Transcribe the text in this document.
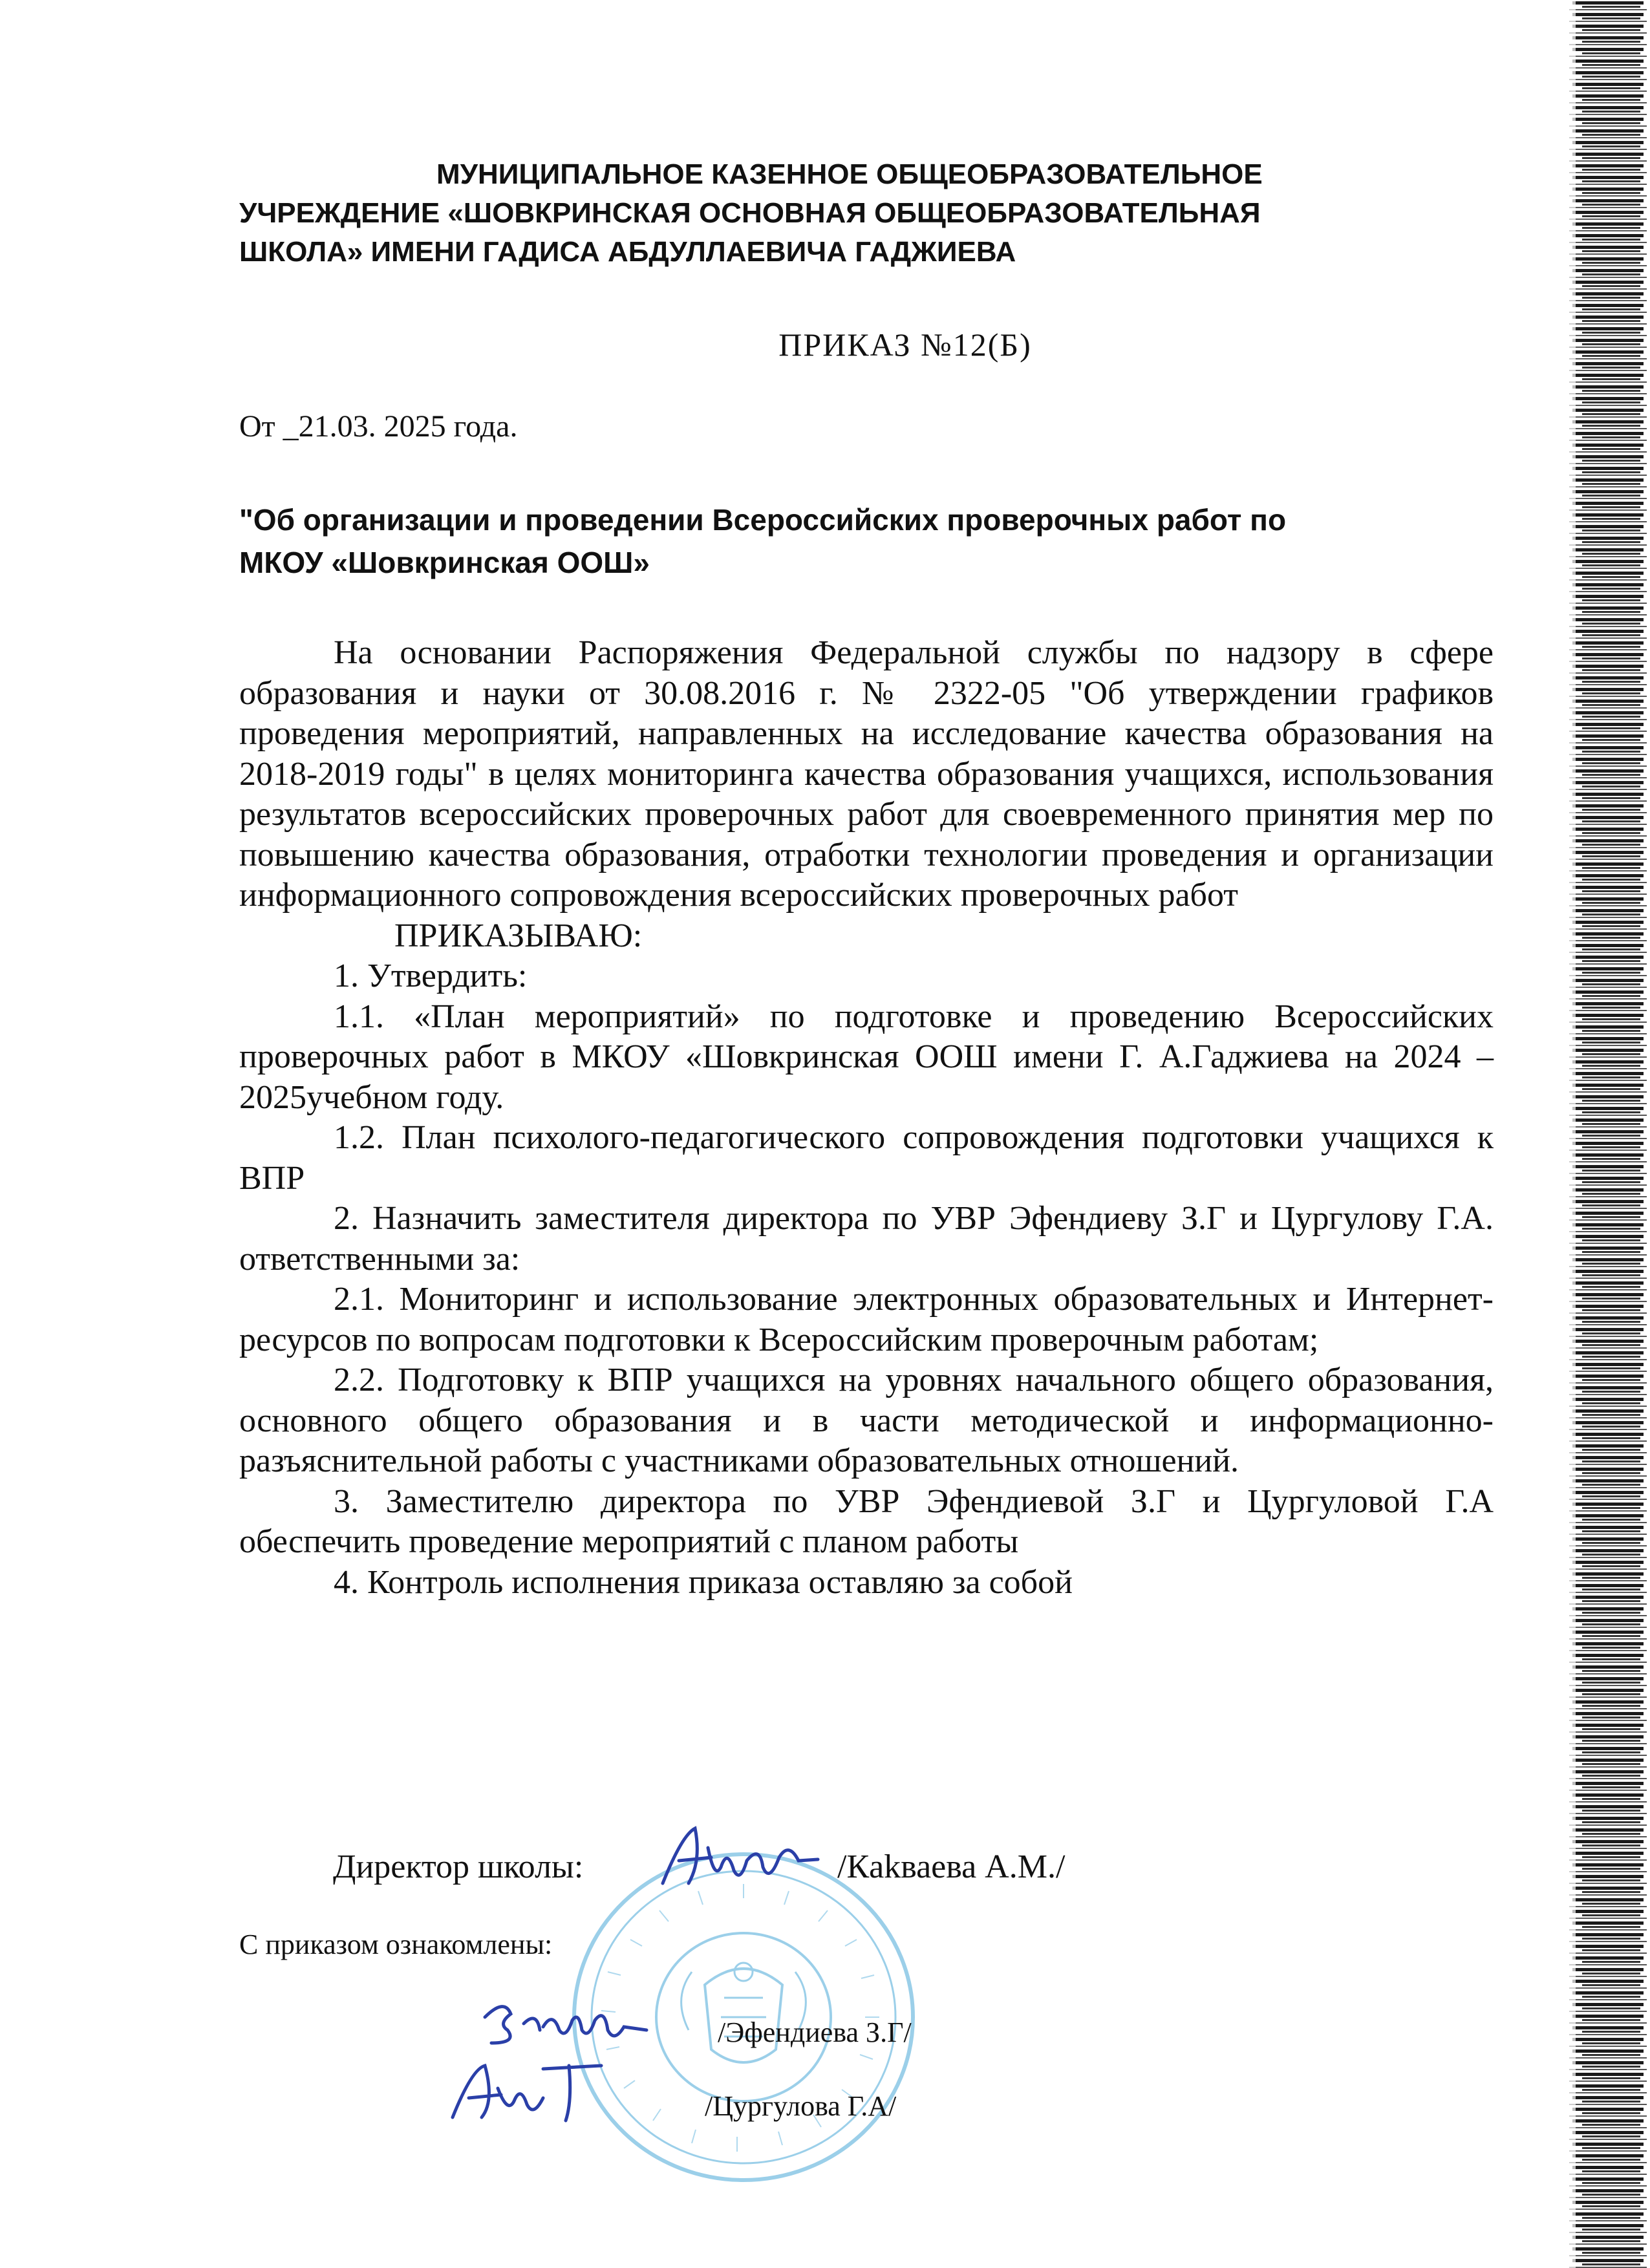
МУНИЦИПАЛЬНОЕ КАЗЕННОЕ ОБЩЕОБРАЗОВАТЕЛЬНОЕ
УЧРЕЖДЕНИЕ «ШОВКРИНСКАЯ ОСНОВНАЯ ОБЩЕОБРАЗОВАТЕЛЬНАЯ
ШКОЛА» ИМЕНИ ГАДИСА АБДУЛЛАЕВИЧА ГАДЖИЕВА

ПРИКАЗ №12(Б)
От _21.03. 2025 года.
"Об организации и проведении Всероссийских проверочных работ по
МКОУ «Шовкринская ООШ»

На основании Распоряжения Федеральной службы по надзору в сфере образования и науки от 30.08.2016 г. № 2322-05 "Об утверждении графиков проведения мероприятий, направленных на исследование качества образования на 2018-2019 годы" в целях мониторинга качества образования учащихся, использования результатов всероссийских проверочных работ для своевременного принятия мер по повышению качества образования, отработки технологии проведения и организации информационного сопровождения всероссийских проверочных работ

ПРИКАЗЫВАЮ:

1. Утвердить:

1.1. «План мероприятий» по подготовке и проведению Всероссийских проверочных работ в МКОУ «Шовкринская ООШ имени Г. А.Гаджиева на 2024 – 2025учебном году.

1.2. План психолого-педагогического сопровождения подготовки учащихся к ВПР

2. Назначить заместителя директора по УВР Эфендиеву З.Г и Цургулову Г.А. ответственными за:

2.1. Мониторинг и использование электронных образовательных и Интернет-ресурсов по вопросам подготовки к Всероссийским проверочным работам;

2.2. Подготовку к ВПР учащихся на уровнях начального общего образования, основного общего образования и в части методической и информационно-разъяснительной работы с участниками образовательных отношений.

3. Заместителю директора по УВР Эфендиевой З.Г и Цургуловой Г.А обеспечить проведение мероприятий с планом работы

4. Контроль исполнения приказа оставляю за собой

Директор школы:	/Кakваева А.М./
С приказом ознакомлены:
/Эфендиева З.Г/
/Цургулова Г.А/
